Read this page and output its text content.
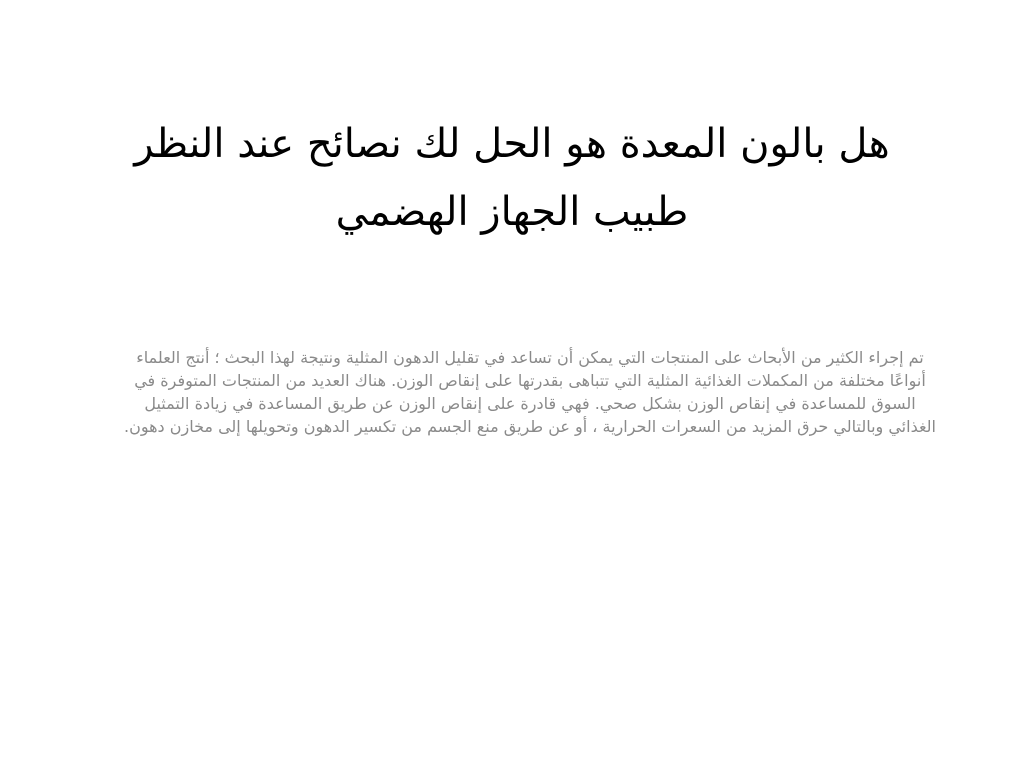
هل بالون المعدة هو الحل لك نصائح عند النظر طبيب الجهاز الهضمي

تم إجراء الكثير من الأبحاث على المنتجات التي يمكن أن تساعد في تقليل الدهون المثلية ونتيجة لهذا البحث ؛ أنتج العلماء أنواعًا مختلفة من المكملات الغذائية المثلية التي تتباهى بقدرتها على إنقاص الوزن. هناك العديد من المنتجات المتوفرة في السوق للمساعدة في إنقاص الوزن بشكل صحي. فهي قادرة على إنقاص الوزن عن طريق المساعدة في زيادة التمثيل الغذائي وبالتالي حرق المزيد من السعرات الحرارية ، أو عن طريق منع الجسم من تكسير الدهون وتحويلها إلى مخازن دهون.
